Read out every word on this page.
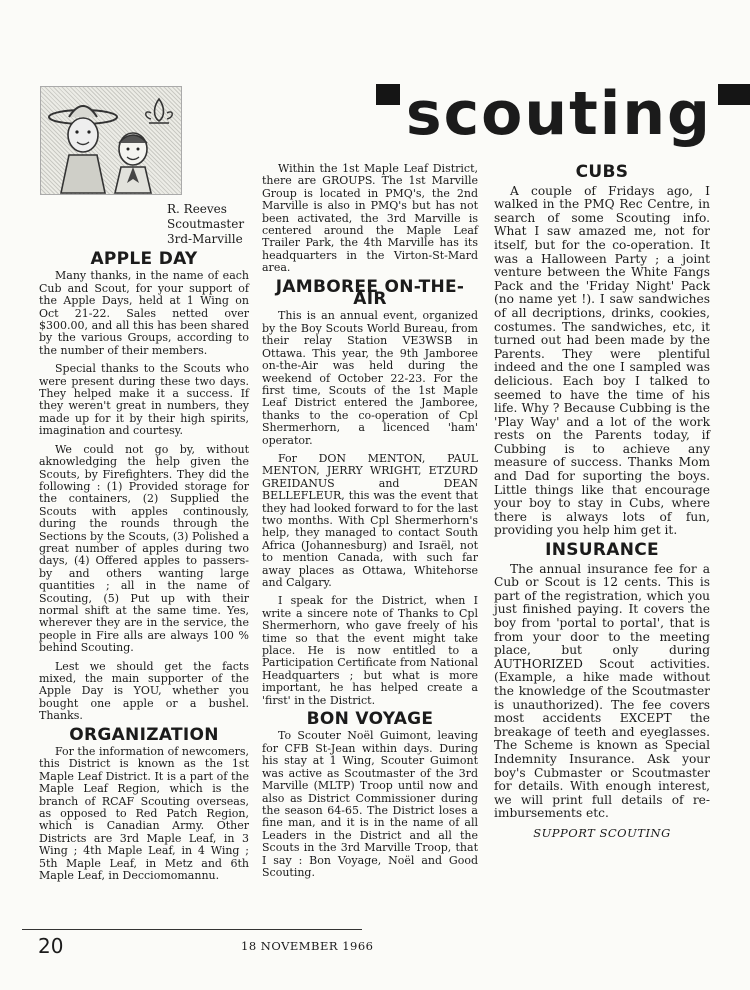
scouting
R. Reeves
Scoutmaster
3rd-Marville
APPLE DAY

Many thanks, in the name of each Cub and Scout, for your support of the Apple Days, held at 1 Wing on Oct 21-22. Sales netted over $300.00, and all this has been shared by the various Groups, according to the number of their members.

Special thanks to the Scouts who were present during these two days. They helped make it a success. If they weren't great in numbers, they made up for it by their high spirits, imagination and courtesy.

We could not go by, without aknowledging the help given the Scouts, by Firefighters. They did the following : (1) Provided storage for the containers, (2) Supplied the Scouts with apples continously, during the rounds through the Sections by the Scouts, (3) Polished a great number of apples during two days, (4) Offered apples to passers-by and others wanting large quantities ; all in the name of Scouting, (5) Put up with their normal shift at the same time. Yes, wherever they are in the service, the people in Fire alls are always 100 % behind Scouting.

Lest we should get the facts mixed, the main supporter of the Apple Day is YOU, whether you bought one apple or a bushel. Thanks.

ORGANIZATION

For the information of newcomers, this District is known as the 1st Maple Leaf District. It is a part of the Maple Leaf Region, which is the branch of RCAF Scouting overseas, as opposed to Red Patch Region, which is Canadian Army. Other Districts are 3rd Maple Leaf, in 3 Wing ; 4th Maple Leaf, in 4 Wing ; 5th Maple Leaf, in Metz and 6th Maple Leaf, in Decciomomannu.

Within the 1st Maple Leaf District, there are GROUPS. The 1st Marville Group is located in PMQ's, the 2nd Marville is also in PMQ's but has not been activated, the 3rd Marville is centered around the Maple Leaf Trailer Park, the 4th Marville has its headquarters in the Virton-St-Mard area.

JAMBOREE ON-THE-AIR

This is an annual event, organized by the Boy Scouts World Bureau, from their relay Station VE3WSB in Ottawa. This year, the 9th Jamboree on-the-Air was held during the weekend of October 22-23. For the first time, Scouts of the 1st Maple Leaf District entered the Jamboree, thanks to the co-operation of Cpl Shermerhorn, a licenced 'ham' operator.

For DON MENTON, PAUL MENTON, JERRY WRIGHT, ETZURD GREIDANUS and DEAN BELLEFLEUR, this was the event that they had looked forward to for the last two months. With Cpl Shermerhorn's help, they managed to contact South Africa (Johannesburg) and Israël, not to mention Canada, with such far away places as Ottawa, Whitehorse and Calgary.

I speak for the District, when I write a sincere note of Thanks to Cpl Shermerhorn, who gave freely of his time so that the event might take place. He is now entitled to a Participation Certificate from National Headquarters ; but what is more important, he has helped create a 'first' in the District.

BON VOYAGE

To Scouter Noël Guimont, leaving for CFB St-Jean within days. During his stay at 1 Wing, Scouter Guimont was active as Scoutmaster of the 3rd Marville (MLTP) Troop until now and also as District Commissioner during the season 64-65. The District loses a fine man, and it is in the name of all Leaders in the District and all the Scouts in the 3rd Marville Troop, that I say : Bon Voyage, Noël and Good Scouting.

CUBS

A couple of Fridays ago, I walked in the PMQ Rec Centre, in search of some Scouting info. What I saw amazed me, not for itself, but for the co-operation. It was a Halloween Party ; a joint venture between the White Fangs Pack and the 'Friday Night' Pack (no name yet !). I saw sandwiches of all decriptions, drinks, cookies, costumes. The sandwiches, etc, it turned out had been made by the Parents. They were plentiful indeed and the one I sampled was delicious. Each boy I talked to seemed to have the time of his life. Why ? Because Cubbing is the 'Play Way' and a lot of the work rests on the Parents today, if Cubbing is to achieve any measure of success. Thanks Mom and Dad for suporting the boys. Little things like that encourage your boy to stay in Cubs, where there is always lots of fun, providing you help him get it.

INSURANCE

The annual insurance fee for a Cub or Scout is 12 cents. This is part of the registration, which you just finished paying. It covers the boy from 'portal to portal', that is from your door to the meeting place, but only during AUTHORIZED Scout activities. (Example, a hike made without the knowledge of the Scoutmaster is unauthorized). The fee covers most accidents EXCEPT the breakage of teeth and eyeglasses. The Scheme is known as Special Indemnity Insurance. Ask your boy's Cubmaster or Scoutmaster for details. With enough interest, we will print full details of re-imbursements etc.

SUPPORT SCOUTING
20	18 NOVEMBER 1966
